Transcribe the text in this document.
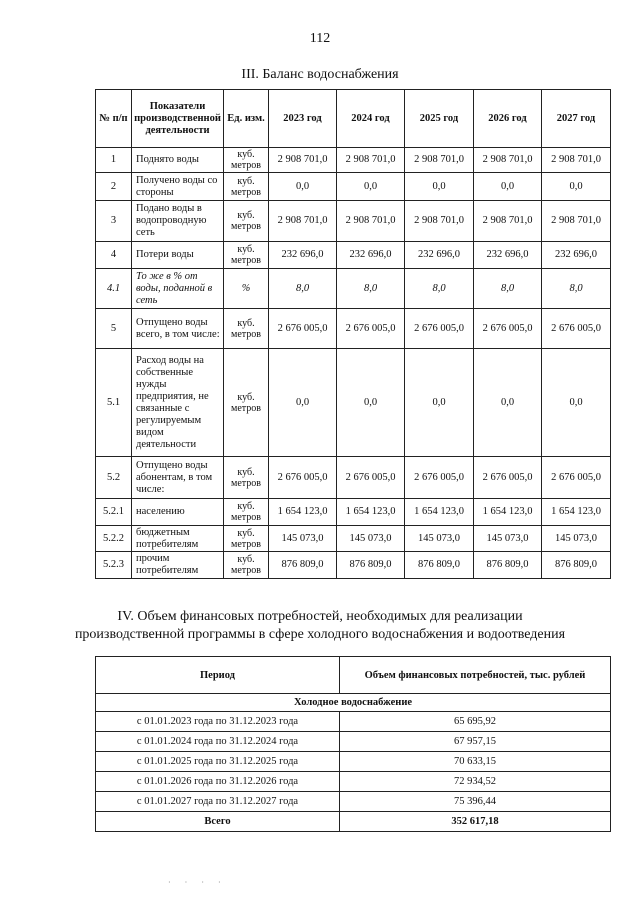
112
III. Баланс водоснабжения
№ п/п	Показатели производственной деятельности	Ед. изм.	2023 год	2024 год	2025 год	2026 год	2027 год
1	Поднято воды	куб. метров	2 908 701,0	2 908 701,0	2 908 701,0	2 908 701,0	2 908 701,0
2	Получено воды со стороны	куб. метров	0,0	0,0	0,0	0,0	0,0
3	Подано воды в водопроводную сеть	куб. метров	2 908 701,0	2 908 701,0	2 908 701,0	2 908 701,0	2 908 701,0
4	Потери воды	куб. метров	232 696,0	232 696,0	232 696,0	232 696,0	232 696,0
4.1	То же в % от воды, поданной в сеть	%	8,0	8,0	8,0	8,0	8,0
5	Отпущено воды всего, в том числе:	куб. метров	2 676 005,0	2 676 005,0	2 676 005,0	2 676 005,0	2 676 005,0
5.1	Расход воды на собственные нужды предприятия, не связанные с регулируемым видом деятельности	куб. метров	0,0	0,0	0,0	0,0	0,0
5.2	Отпущено воды абонентам, в том числе:	куб. метров	2 676 005,0	2 676 005,0	2 676 005,0	2 676 005,0	2 676 005,0
5.2.1	населению	куб. метров	1 654 123,0	1 654 123,0	1 654 123,0	1 654 123,0	1 654 123,0
5.2.2	бюджетным потребителям	куб. метров	145 073,0	145 073,0	145 073,0	145 073,0	145 073,0
5.2.3	прочим потребителям	куб. метров	876 809,0	876 809,0	876 809,0	876 809,0	876 809,0
IV. Объем финансовых потребностей, необходимых для реализации
производственной программы в сфере холодного водоснабжения и водоотведения
Период	Объем финансовых потребностей, тыс. рублей
Холодное водоснабжение	
с 01.01.2023 года по 31.12.2023 года	65 695,92
с 01.01.2024 года по 31.12.2024 года	67 957,15
с 01.01.2025 года по 31.12.2025 года	70 633,15
с 01.01.2026 года по 31.12.2026 года	72 934,52
с 01.01.2027 года по 31.12.2027 года	75 396,44
Всего	352 617,18
· · · ·
